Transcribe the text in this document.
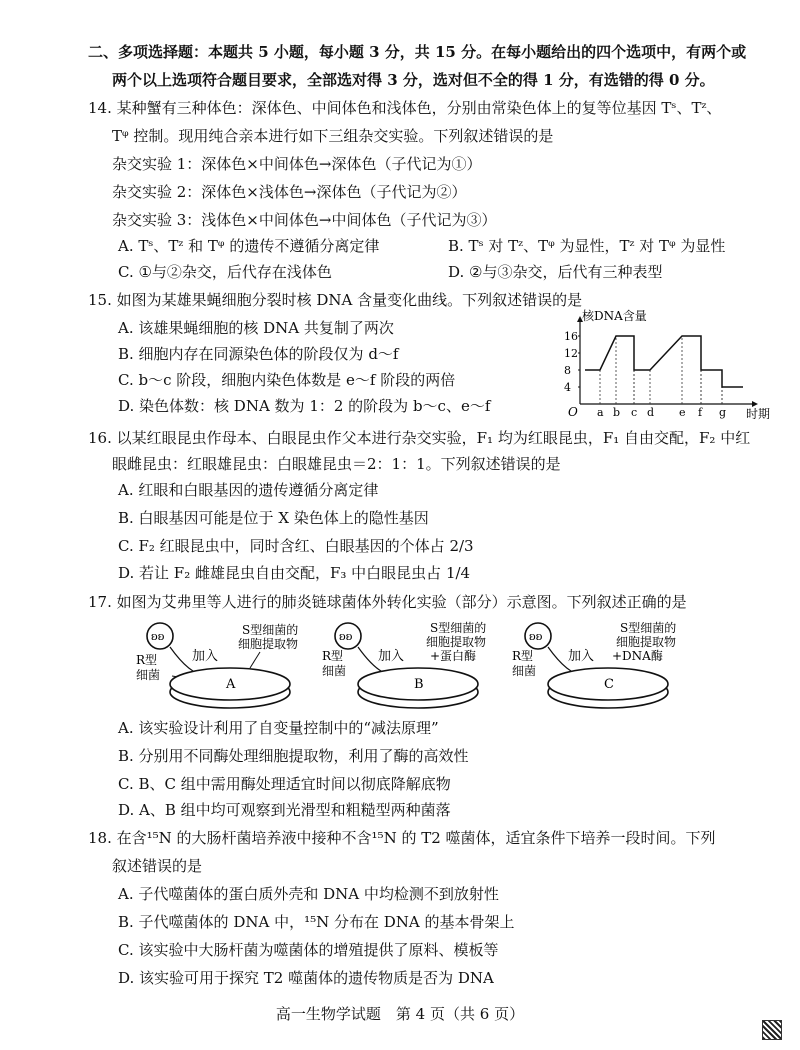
二、多项选择题：本题共 5 小题，每小题 3 分，共 15 分。在每小题给出的四个选项中，有两个或
两个以上选项符合题目要求，全部选对得 3 分，选对但不全的得 1 分，有选错的得 0 分。
14. 某种蟹有三种体色：深体色、中间体色和浅体色，分别由常染色体上的复等位基因 Tˢ、Tᶻ、
Tᵠ 控制。现用纯合亲本进行如下三组杂交实验。下列叙述错误的是
杂交实验 1：深体色×中间体色→深体色（子代记为①）
杂交实验 2：深体色×浅体色→深体色（子代记为②）
杂交实验 3：浅体色×中间体色→中间体色（子代记为③）
A. Tˢ、Tᶻ 和 Tᵠ 的遗传不遵循分离定律	B. Tˢ 对 Tᶻ、Tᵠ 为显性，Tᶻ 对 Tᵠ 为显性
C. ①与②杂交，后代存在浅体色	D. ②与③杂交，后代有三种表型
15. 如图为某雄果蝇细胞分裂时核 DNA 含量变化曲线。下列叙述错误的是
A. 该雄果蝇细胞的核 DNA 共复制了两次
B. 细胞内存在同源染色体的阶段仅为 d～f
C. b～c 阶段，细胞内染色体数是 e～f 阶段的两倍
D. 染色体数：核 DNA 数为 1：2 的阶段为 b～c、e～f
核DNA含量
时期
O
4
8
12
16
a b c d e f g
16. 以某红眼昆虫作母本、白眼昆虫作父本进行杂交实验，F₁ 均为红眼昆虫，F₁ 自由交配，F₂ 中红
眼雌昆虫：红眼雄昆虫：白眼雄昆虫＝2：1：1。下列叙述错误的是
A. 红眼和白眼基因的遗传遵循分离定律
B. 白眼基因可能是位于 X 染色体上的隐性基因
C. F₂ 红眼昆虫中，同时含红、白眼基因的个体占 2/3
D. 若让 F₂ 雌雄昆虫自由交配，F₃ 中白眼昆虫占 1/4
17. 如图为艾弗里等人进行的肺炎链球菌体外转化实验（部分）示意图。下列叙述正确的是
ʚʚ
加入
S型细菌的
细胞提取物
R型
细菌
A
ʚʚ
加入
S型细菌的
细胞提取物
+蛋白酶
R型
细菌
B
ʚʚ
加入
S型细菌的
细胞提取物
+DNA酶
R型
细菌
C
A. 该实验设计利用了自变量控制中的“减法原理”
B. 分别用不同酶处理细胞提取物，利用了酶的高效性
C. B、C 组中需用酶处理适宜时间以彻底降解底物
D. A、B 组中均可观察到光滑型和粗糙型两种菌落
18. 在含¹⁵N 的大肠杆菌培养液中接种不含¹⁵N 的 T2 噬菌体，适宜条件下培养一段时间。下列
叙述错误的是
A. 子代噬菌体的蛋白质外壳和 DNA 中均检测不到放射性
B. 子代噬菌体的 DNA 中，¹⁵N 分布在 DNA 的基本骨架上
C. 该实验中大肠杆菌为噬菌体的增殖提供了原料、模板等
D. 该实验可用于探究 T2 噬菌体的遗传物质是否为 DNA
高一生物学试题　第 4 页（共 6 页）
